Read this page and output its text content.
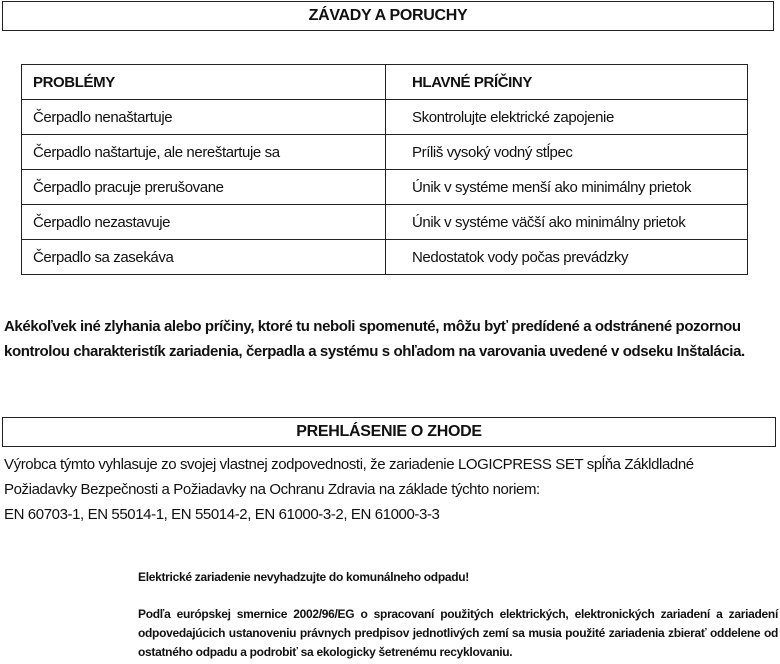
ZÁVADY A PORUCHY
PROBLÉMY	HLAVNÉ PRÍČINY
Čerpadlo nenaštartuje	Skontrolujte elektrické zapojenie
Čerpadlo naštartuje, ale nereštartuje sa	Príliš vysoký vodný stĺpec
Čerpadlo pracuje prerušovane	Únik v systéme menší ako minimálny prietok
Čerpadlo nezastavuje	Únik v systéme väčší ako minimálny prietok
Čerpadlo sa zasekáva	Nedostatok vody počas prevádzky
Akékoľvek iné zlyhania alebo príčiny, ktoré tu neboli spomenuté, môžu byť predídené a odstránené pozornou
kontrolou charakteristík zariadenia, čerpadla a systému s ohľadom na varovania uvedené v odseku Inštalácia.
PREHLÁSENIE O ZHODE
Výrobca týmto vyhlasuje zo svojej vlastnej zodpovednosti, že zariadenie LOGICPRESS SET spĺňa Zákldladné
Požiadavky Bezpečnosti a Požiadavky na Ochranu Zdravia na základe týchto noriem:
EN 60703-1, EN 55014-1, EN 55014-2, EN 61000-3-2, EN 61000-3-3
Elektrické zariadenie nevyhadzujte do komunálneho odpadu!
Podľa európskej smernice 2002/96/EG o spracovaní použitých elektrických, elektronických zariadení a zariadení odpovedajúcich ustanoveniu právnych predpisov jednotlivých zemí sa musia použité zariadenia zbierať oddelene od ostatného odpadu a podrobiť sa ekologicky šetrenému recyklovaniu.
